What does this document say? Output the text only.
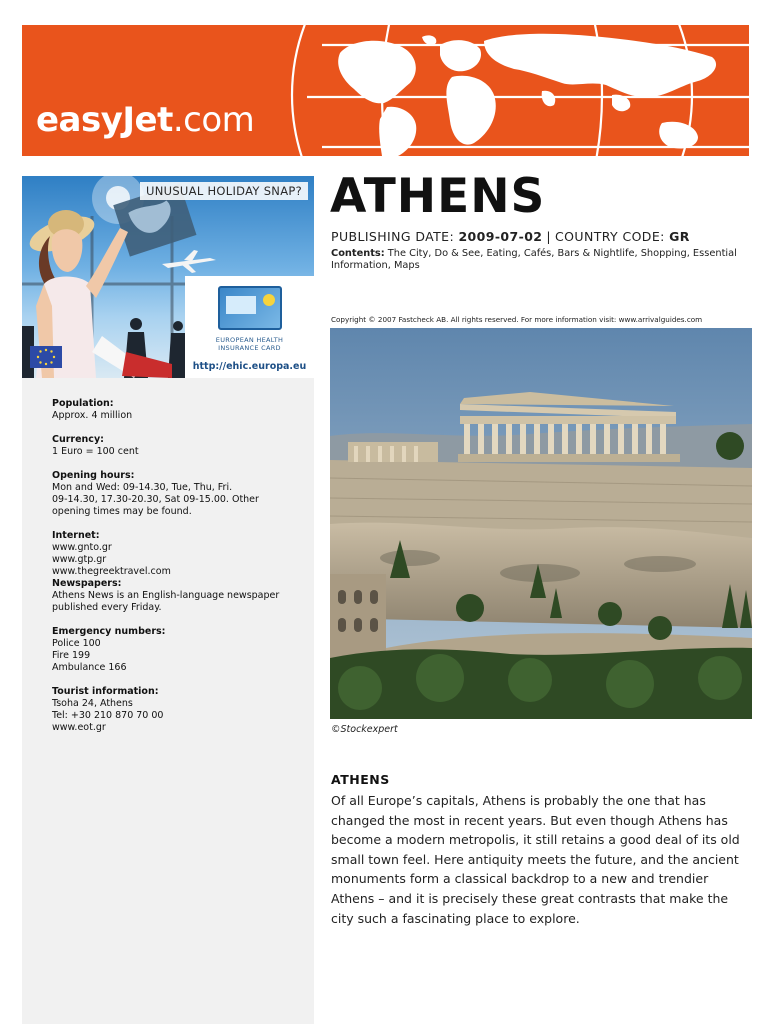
easyJet.com
UNUSUAL HOLIDAY SNAP?
EUROPEAN HEALTH
INSURANCE CARD
http://ehic.europa.eu
Population:
Approx. 4 million
Currency:
1 Euro = 100 cent
Opening hours:
Mon and Wed: 09-14.30, Tue, Thu, Fri.
09-14.30, 17.30-20.30, Sat 09-15.00. Other
opening times may be found.
Internet:
www.gnto.gr
www.gtp.gr
www.thegreektravel.com
Newspapers:
Athens News is an English-language newspaper
published every Friday.
Emergency numbers:
Police 100
Fire 199
Ambulance 166
Tourist information:
Tsoha 24, Athens
Tel: +30 210 870 70 00
www.eot.gr
ATHENS
PUBLISHING DATE: 2009-07-02 | COUNTRY CODE: GR
Contents: The City, Do & See, Eating, Cafés, Bars & Nightlife, Shopping, Essential Information, Maps
Copyright © 2007 Fastcheck AB. All rights reserved. For more information visit: www.arrivalguides.com
©Stockexpert
ATHENS
Of all Europe’s capitals, Athens is probably the one that has changed the most in recent years. But even though Athens has become a modern metropolis, it still retains a good deal of its old small town feel. Here antiquity meets the future, and the ancient monuments form a classical backdrop to a new and trendier Athens – and it is precisely these great contrasts that make the city such a fascinating place to explore.
